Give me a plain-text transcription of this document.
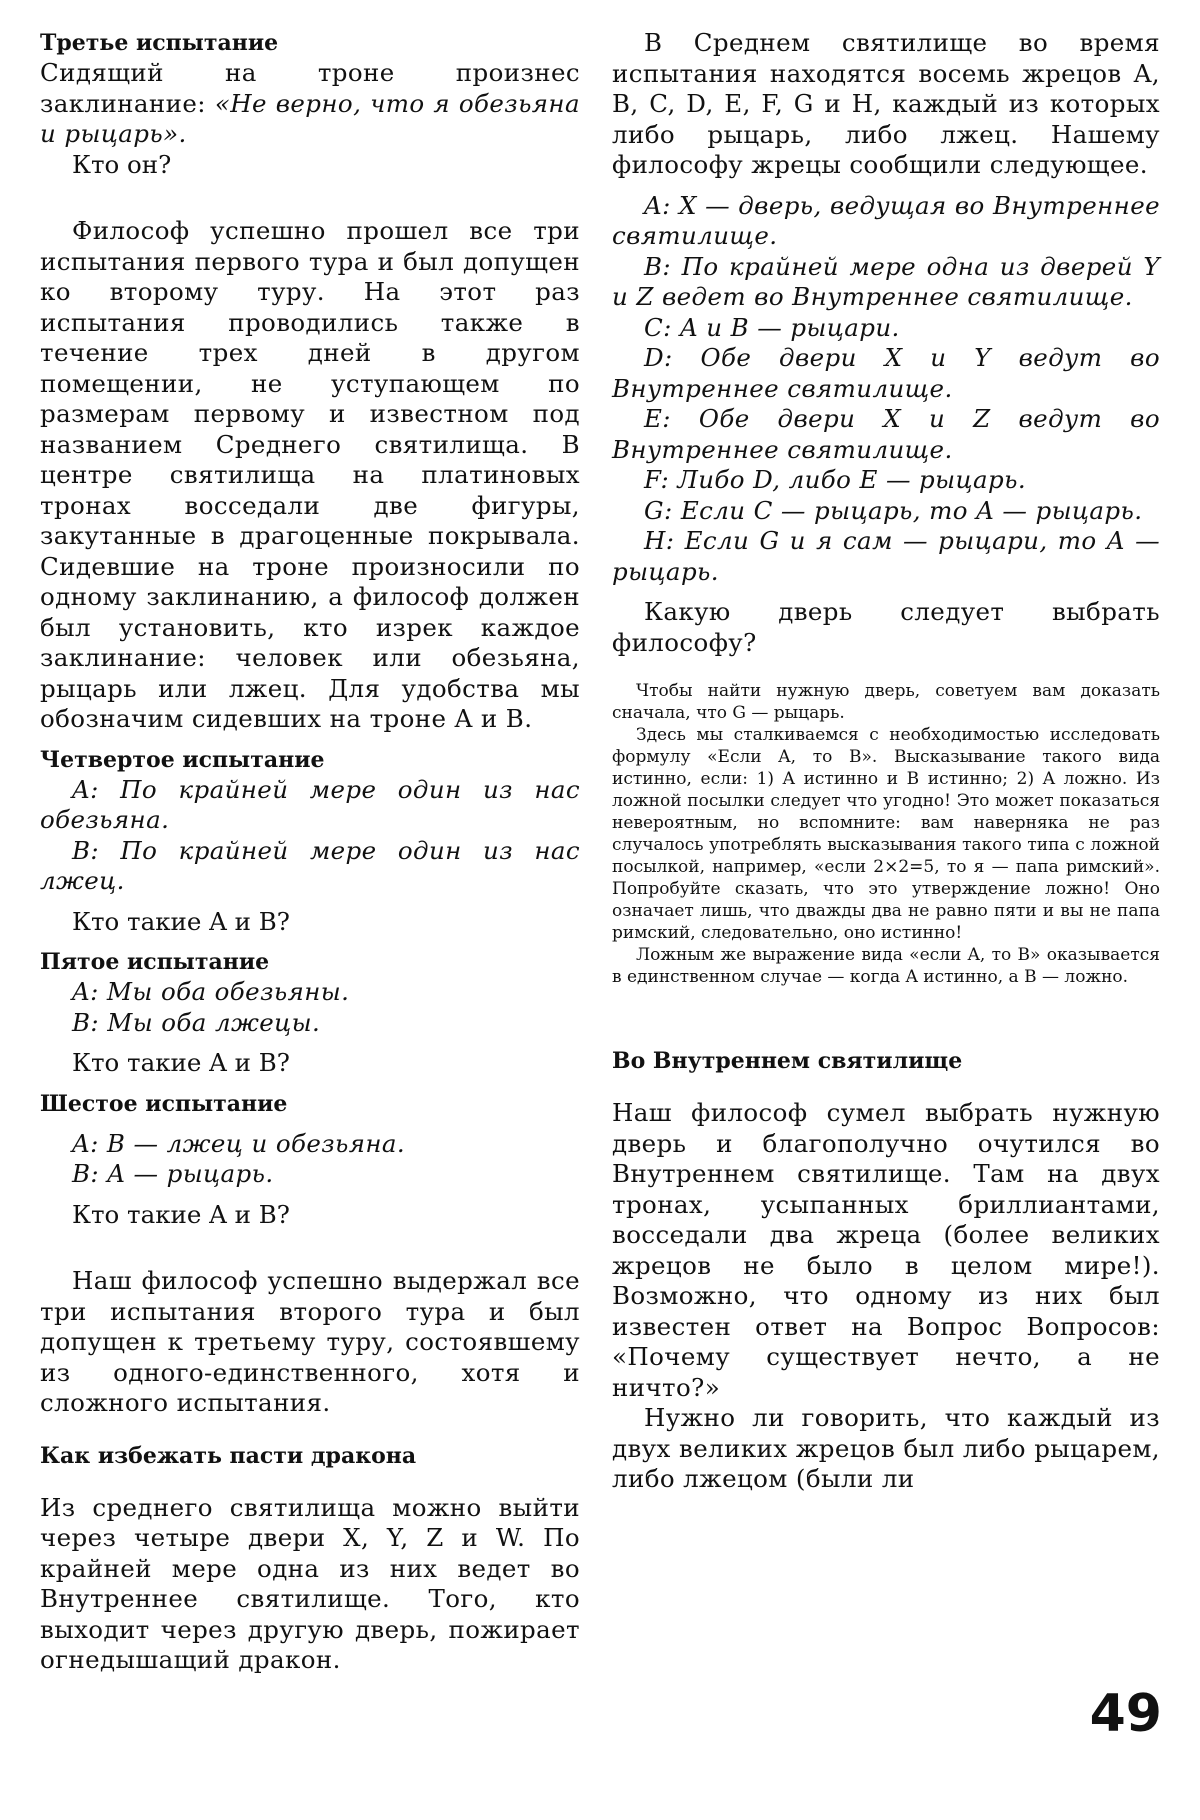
Третье испытание

Сидящий на троне произнес заклинание: «Не верно, что я обезьяна и рыцарь».

Кто он?

Философ успешно прошел все три испытания первого тура и был допущен ко второму туру. На этот раз испытания проводились также в течение трех дней в другом помещении, не уступающем по размерам первому и известном под названием Среднего святилища. В центре святилища на платиновых тронах восседали две фигуры, закутанные в драгоценные покрывала. Сидевшие на троне произносили по одному заклинанию, а философ должен был установить, кто изрек каждое заклинание: человек или обезьяна, рыцарь или лжец. Для удобства мы обозначим сидевших на троне A и B.

Четвертое испытание

A: По крайней мере один из нас обезьяна.

B: По крайней мере один из нас лжец.

Кто такие A и B?

Пятое испытание

A: Мы оба обезьяны.

B: Мы оба лжецы.

Кто такие A и B?

Шестое испытание

A: B — лжец и обезьяна.

B: A — рыцарь.

Кто такие A и B?

Наш философ успешно выдержал все три испытания второго тура и был допущен к третьему туру, состоявшему из одного-единственного, хотя и сложного испытания.

Как избежать пасти дракона

Из среднего святилища можно выйти через четыре двери X, Y, Z и W. По крайней мере одна из них ведет во Внутреннее святилище. Того, кто выходит через другую дверь, пожирает огнедышащий дракон.

В Среднем святилище во время испытания находятся восемь жрецов A, B, C, D, E, F, G и H, каждый из которых либо рыцарь, либо лжец. Нашему философу жрецы сообщили следующее.

A: X — дверь, ведущая во Внутреннее святилище.

B: По крайней мере одна из дверей Y и Z ведет во Внутреннее святилище.

C: A и B — рыцари.

D: Обе двери X и Y ведут во Внутреннее святилище.

E: Обе двери X и Z ведут во Внутреннее святилище.

F: Либо D, либо E — рыцарь.

G: Если C — рыцарь, то A — рыцарь.

H: Если G и я сам — рыцари, то A — рыцарь.

Какую дверь следует выбрать философу?

Чтобы найти нужную дверь, советуем вам доказать сначала, что G — рыцарь.

Здесь мы сталкиваемся с необходимостью исследовать формулу «Если A, то B». Высказывание такого вида истинно, если: 1) A истинно и B истинно; 2) A ложно. Из ложной посылки следует что угодно! Это может показаться невероятным, но вспомните: вам наверняка не раз случалось употреблять высказывания такого типа с ложной посылкой, например, «если 2×2=5, то я — папа римский». Попробуйте сказать, что это утверждение ложно! Оно означает лишь, что дважды два не равно пяти и вы не папа римский, следовательно, оно истинно!

Ложным же выражение вида «если A, то B» оказывается в единственном случае — когда A истинно, а B — ложно.

Во Внутреннем святилище

Наш философ сумел выбрать нужную дверь и благополучно очутился во Внутреннем святилище. Там на двух тронах, усыпанных бриллиантами, восседали два жреца (более великих жрецов не было в целом мире!). Возможно, что одному из них был известен ответ на Вопрос Вопросов: «Почему существует нечто, а не ничто?»

Нужно ли говорить, что каждый из двух великих жрецов был либо рыцарем, либо лжецом (были ли

49
